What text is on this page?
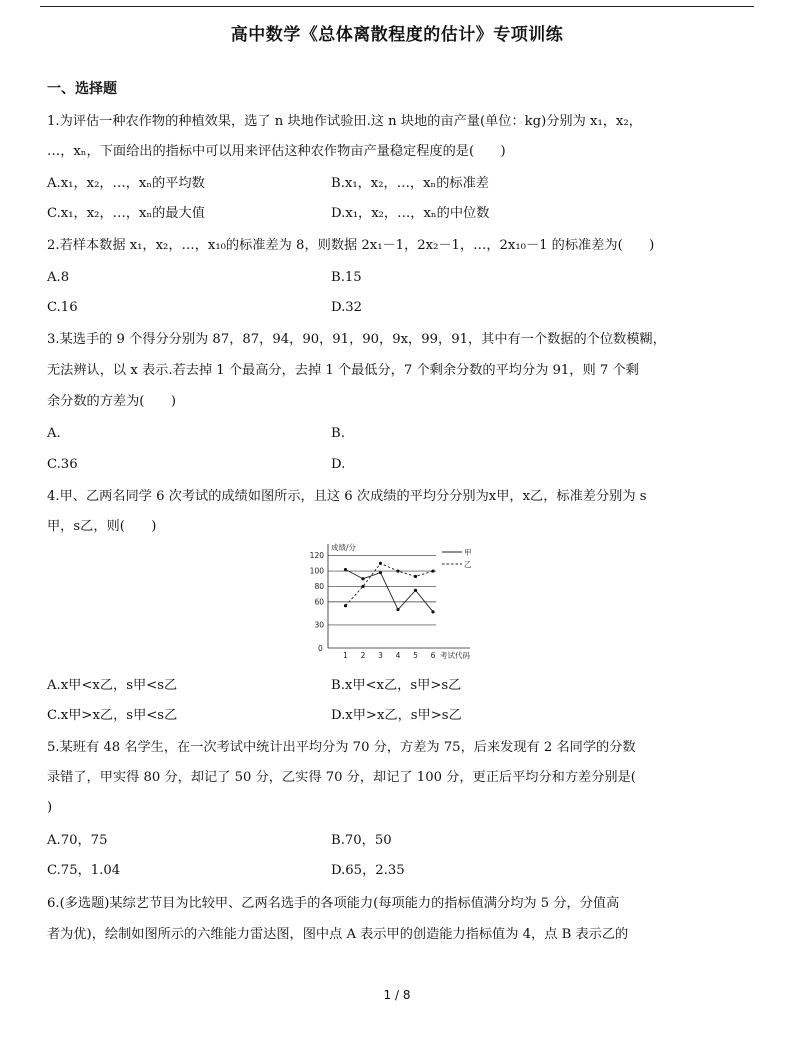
高中数学《总体离散程度的估计》专项训练
一、选择题
1.为评估一种农作物的种植效果，选了 n 块地作试验田.这 n 块地的亩产量(单位：kg)分别为 x₁，x₂，
…，xₙ，下面给出的指标中可以用来评估这种农作物亩产量稳定程度的是(　　)
A.x₁，x₂，…，xₙ的平均数	B.x₁，x₂，…，xₙ的标准差
C.x₁，x₂，…，xₙ的最大值	D.x₁，x₂，…，xₙ的中位数
2.若样本数据 x₁，x₂，…，x₁₀的标准差为 8，则数据 2x₁－1，2x₂－1，…，2x₁₀－1 的标准差为(　　)
A.8	B.15
C.16	D.32
3.某选手的 9 个得分分别为 87，87，94，90，91，90，9x，99，91，其中有一个数据的个位数模糊，
无法辨认，以 x 表示.若去掉 1 个最高分，去掉 1 个最低分，7 个剩余分数的平均分为 91，则 7 个剩
余分数的方差为(　　)
A.	B.
C.36	D.
4.甲、乙两名同学 6 次考试的成绩如图所示，且这 6 次成绩的平均分分别为x甲，x乙，标准差分别为 s
甲，s乙，则(　　)
成绩/分
考试代码
0
30
60
80
100
120
1 2 3 4 5 6
甲
乙
A.x甲<x乙，s甲<s乙	B.x甲<x乙，s甲>s乙
C.x甲>x乙，s甲<s乙	D.x甲>x乙，s甲>s乙
5.某班有 48 名学生，在一次考试中统计出平均分为 70 分，方差为 75，后来发现有 2 名同学的分数
录错了，甲实得 80 分，却记了 50 分，乙实得 70 分，却记了 100 分，更正后平均分和方差分别是(
)
A.70，75	B.70，50
C.75，1.04	D.65，2.35
6.(多选题)某综艺节目为比较甲、乙两名选手的各项能力(每项能力的指标值满分均为 5 分，分值高
者为优)，绘制如图所示的六维能力雷达图，图中点 A 表示甲的创造能力指标值为 4，点 B 表示乙的
1 / 8
